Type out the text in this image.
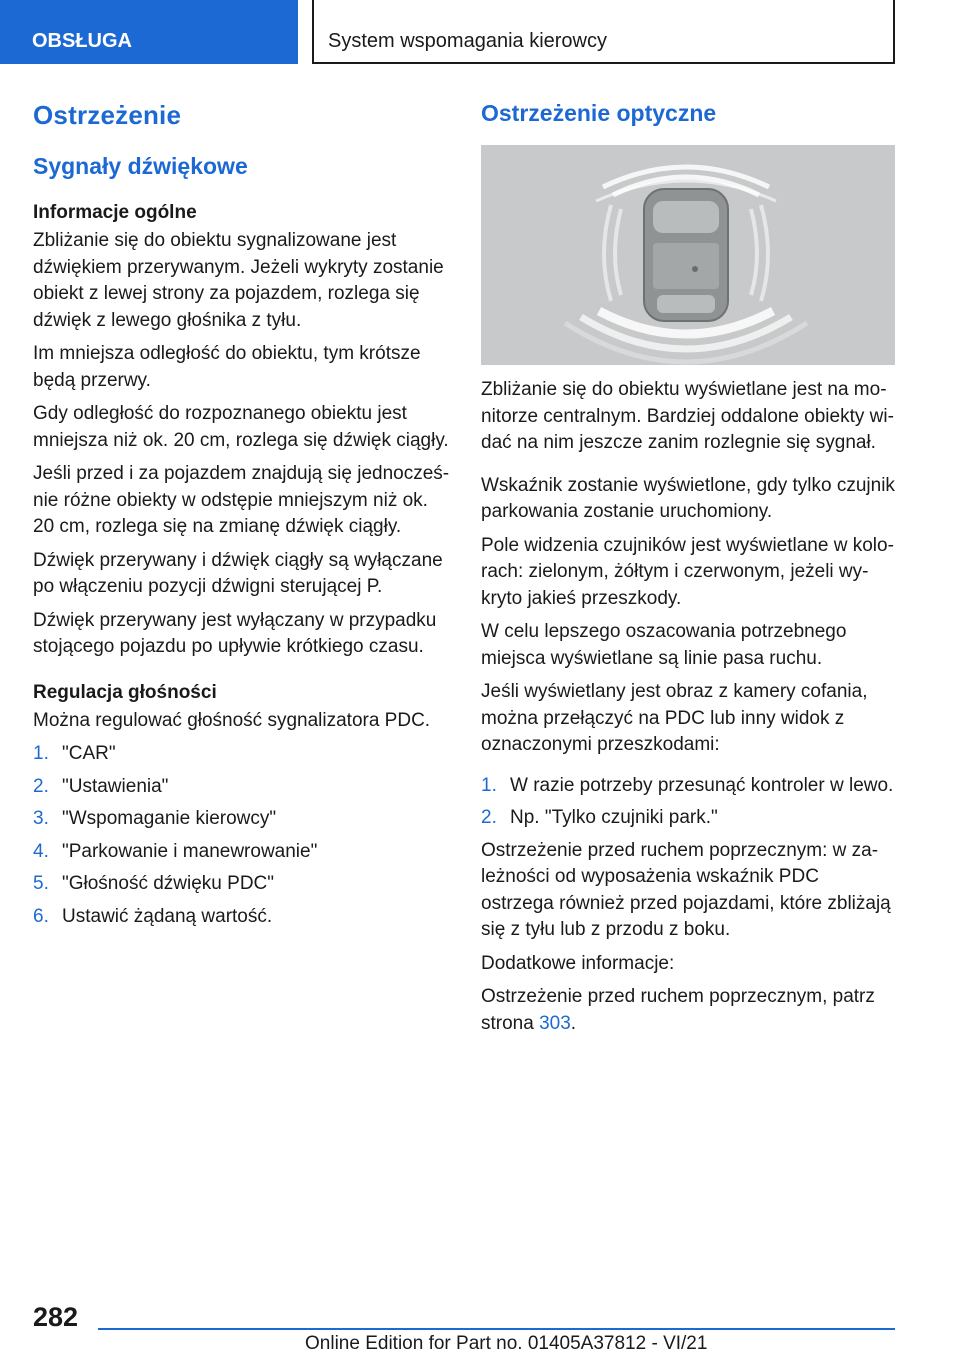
OBSŁUGA	System wspomagania kierowcy
Ostrzeżenie
Sygnały dźwiękowe
Informacje ogólne

Zbliżanie się do obiektu sygnalizowane jest dźwiękiem przerywanym. Jeżeli wykryty zostanie obiekt z lewej strony za pojazdem, rozlega się dźwięk z lewego głośnika z tyłu.

Im mniejsza odległość do obiektu, tym krótsze będą przerwy.

Gdy odległość do rozpoznanego obiektu jest mniejsza niż ok. 20 cm, rozlega się dźwięk ciągły.

Jeśli przed i za pojazdem znajdują się jednocześnie różne obiekty w odstępie mniejszym niż ok. 20 cm, rozlega się na zmianę dźwięk ciągły.

Dźwięk przerywany i dźwięk ciągły są wyłączane po włączeniu pozycji dźwigni sterującej P.

Dźwięk przerywany jest wyłączany w przypadku stojącego pojazdu po upływie krótkiego czasu.

Regulacja głośności

Można regulować głośność sygnalizatora PDC.

1. "CAR"
2. "Ustawienia"
3. "Wspomaganie kierowcy"
4. "Parkowanie i manewrowanie"
5. "Głośność dźwięku PDC"
6. Ustawić żądaną wartość.
Ostrzeżenie optyczne

Zbliżanie się do obiektu wyświetlane jest na monitorze centralnym. Bardziej oddalone obiekty widać na nim jeszcze zanim rozlegnie się sygnał.

Wskaźnik zostanie wyświetlone, gdy tylko czujnik parkowania zostanie uruchomiony.

Pole widzenia czujników jest wyświetlane w kolorach: zielonym, żółtym i czerwonym, jeżeli wykryto jakieś przeszkody.

W celu lepszego oszacowania potrzebnego miejsca wyświetlane są linie pasa ruchu.

Jeśli wyświetlany jest obraz z kamery cofania, można przełączyć na PDC lub inny widok z oznaczonymi przeszkodami:

1. W razie potrzeby przesunąć kontroler w lewo.
2. Np. "Tylko czujniki park."

Ostrzeżenie przed ruchem poprzecznym: w zależności od wyposażenia wskaźnik PDC ostrzega również przed pojazdami, które zbliżają się z tyłu lub z przodu z boku.

Dodatkowe informacje:

Ostrzeżenie przed ruchem poprzecznym, patrz strona 303.

282
Online Edition for Part no. 01405A37812 - VI/21
